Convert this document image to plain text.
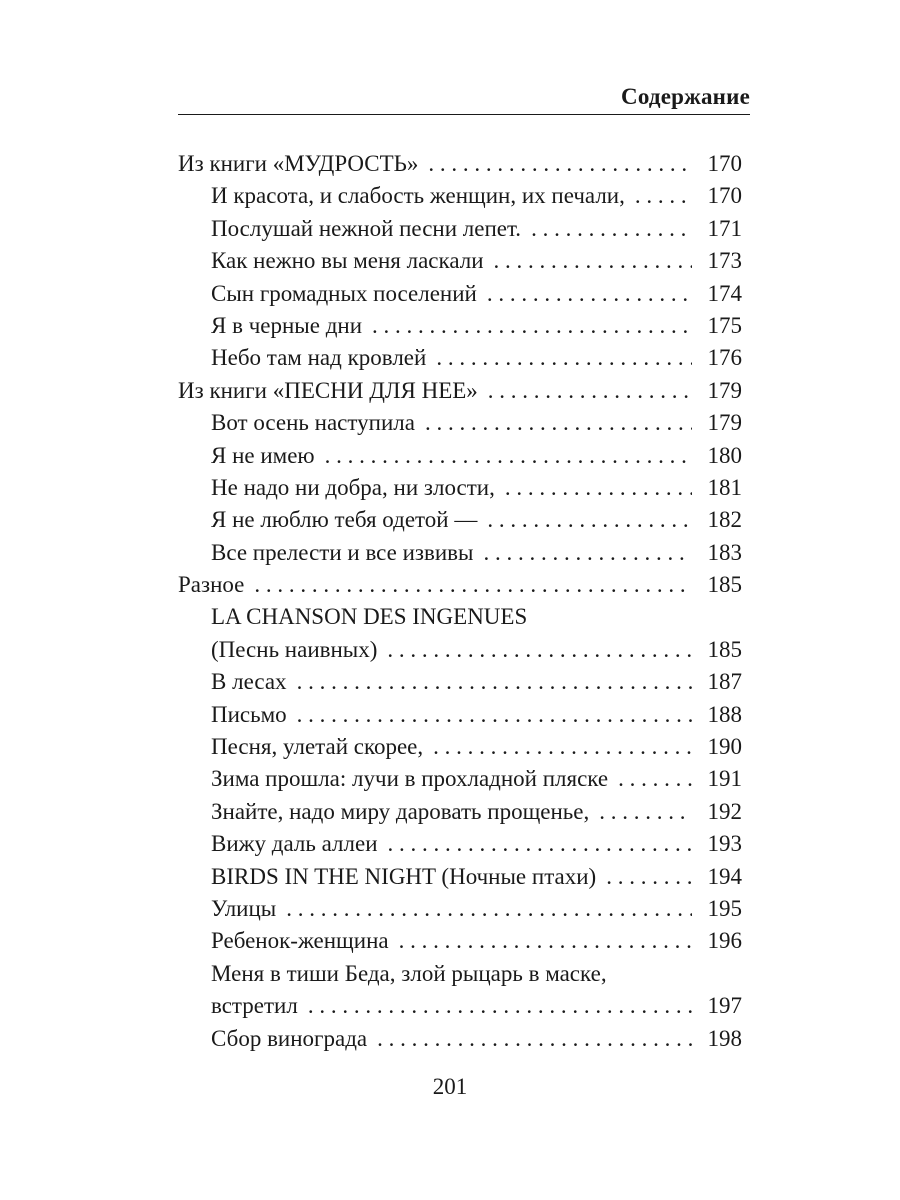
Содержание
Из книги «МУДРОСТЬ» . . .	170
И красота, и слабость женщин, их печали, . . .	170
Послушай нежной песни лепет. . . .	171
Как нежно вы меня ласкали . . .	173
Сын громадных поселений . . .	174
Я в черные дни . . .	175
Небо там над кровлей . . .	176
Из книги «ПЕСНИ ДЛЯ НЕЕ» . . .	179
Вот осень наступила . . .	179
Я не имею . . .	180
Не надо ни добра, ни злости, . . .	181
Я не люблю тебя одетой — . . .	182
Все прелести и все извивы . . .	183
Разное . . .	185
LA CHANSON DES INGENUES
(Песнь наивных) . . .	185
В лесах . . .	187
Письмо . . .	188
Песня, улетай скорее, . . .	190
Зима прошла: лучи в прохладной пляске . . .	191
Знайте, надо миру даровать прощенье, . . .	192
Вижу даль аллеи . . .	193
BIRDS IN THE NIGHT (Ночные птахи) . . .	194
Улицы . . .	195
Ребенок-женщина . . .	196
Меня в тиши Беда, злой рыцарь в маске,
встретил . . .	197
Сбор винограда . . .	198
201
